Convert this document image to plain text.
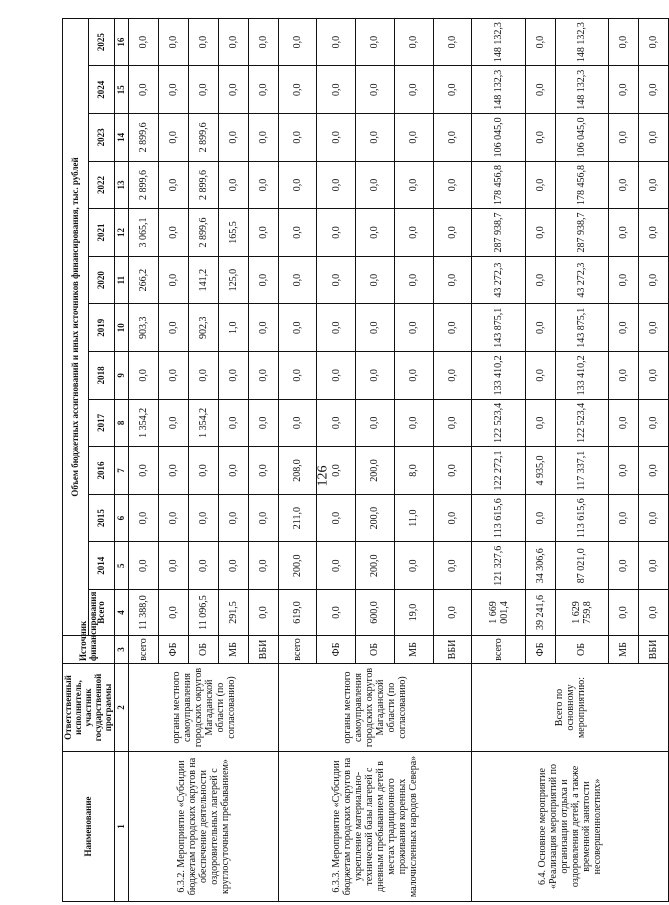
126
Наименование	Ответственный исполнитель, участник государственной программы	Источник финансирования	Объем бюджетных ассигнований и иных источников финансирования, тыс. рублей												
			Всего	2014	2015	2016	2017	2018	2019	2020	2021	2022	2023	2024	2025
1	2	3	4	5	6	7	8	9	10	11	12	13	14	15	16
6.3.2. Мероприятие «Субсидии бюджетам городских округов на обеспечение деятельности оздоровительных лагерей с круглосуточным пребыванием»	органы местного самоуправления городских округов Магаданской области (по согласованию)	всего	11 388,0	0,0	0,0	0,0	1 354,2	0,0	903,3	266,2	3 065,1	2 899,6	2 899,6	0,0	0,0
		ФБ	0,0	0,0	0,0	0,0	0,0	0,0	0,0	0,0	0,0	0,0	0,0	0,0	0,0
		ОБ	11 096,5	0,0	0,0	0,0	1 354,2	0,0	902,3	141,2	2 899,6	2 899,6	2 899,6	0,0	0,0
		МБ	291,5	0,0	0,0	0,0	0,0	0,0	1,0	125,0	165,5	0,0	0,0	0,0	0,0
		ВБИ	0,0	0,0	0,0	0,0	0,0	0,0	0,0	0,0	0,0	0,0	0,0	0,0	0,0
6.3.3. Мероприятие «Субсидии бюджетам городских округов на укрепление материально-технической базы лагерей с дневным пребыванием детей в местах традиционного проживания коренных малочисленных народов Севера»	органы местного самоуправления городских округов Магаданской области (по согласованию)	всего	619,0	200,0	211,0	208,0	0,0	0,0	0,0	0,0	0,0	0,0	0,0	0,0	0,0
		ФБ	0,0	0,0	0,0	0,0	0,0	0,0	0,0	0,0	0,0	0,0	0,0	0,0	0,0
		ОБ	600,0	200,0	200,0	200,0	0,0	0,0	0,0	0,0	0,0	0,0	0,0	0,0	0,0
		МБ	19,0	0,0	11,0	8,0	0,0	0,0	0,0	0,0	0,0	0,0	0,0	0,0	0,0
		ВБИ	0,0	0,0	0,0	0,0	0,0	0,0	0,0	0,0	0,0	0,0	0,0	0,0	0,0
6.4. Основное мероприятие «Реализация мероприятий по организации отдыха и оздоровления детей, а также временной занятости несовершеннолетних»	Всего по основному мероприятию:	всего	1 669 001,4	121 327,6	113 615,6	122 272,1	122 523,4	133 410,2	143 875,1	43 272,3	287 938,7	178 456,8	106 045,0	148 132,3	148 132,3
		ФБ	39 241,6	34 306,6	0,0	4 935,0	0,0	0,0	0,0	0,0	0,0	0,0	0,0	0,0	0,0
		ОБ	1 629 759,8	87 021,0	113 615,6	117 337,1	122 523,4	133 410,2	143 875,1	43 272,3	287 938,7	178 456,8	106 045,0	148 132,3	148 132,3
		МБ	0,0	0,0	0,0	0,0	0,0	0,0	0,0	0,0	0,0	0,0	0,0	0,0	0,0
		ВБИ	0,0	0,0	0,0	0,0	0,0	0,0	0,0	0,0	0,0	0,0	0,0	0,0	0,0
